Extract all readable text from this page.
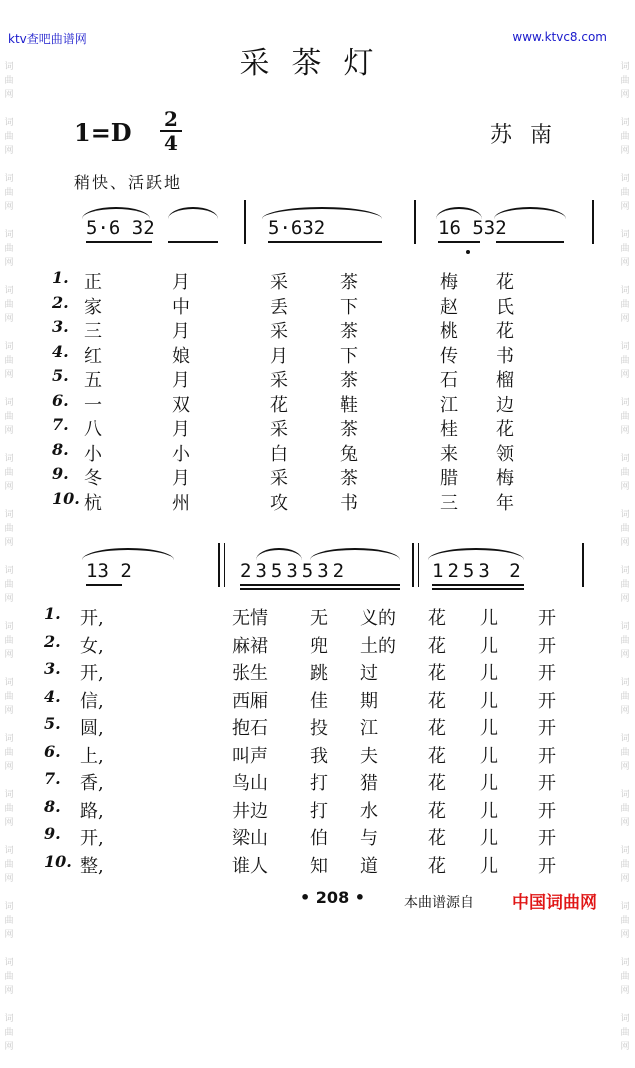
ktv查吧曲谱网	www.ktvc8.com
词
曲
网

词
曲
网

词
曲
网

词
曲
网

词
曲
网

词
曲
网

词
曲
网

词
曲
网

词
曲
网

词
曲
网

词
曲
网

词
曲
网

词
曲
网

词
曲
网

词
曲
网

词
曲
网

词
曲
网

词
曲
网

词
曲
网

词
曲
网

词
曲
网

词
曲
网

词
曲
网

词
曲
网

词
曲
网

词
曲
网

词
曲
网

词
曲
网

词
曲
网

词
曲
网

词
曲
网

词
曲
网

词
曲
网

词
曲
网

词
曲
网

词
曲
网

采茶灯
1=D 2
4	苏南
稍快、活跃地
5·6 32	5·632	16 532
1. 正	月	采	茶	梅 花
2. 家	中	丢	下	赵 氏
3. 三	月	采	茶	桃 花
4. 红	娘	月	下	传 书
5. 五	月	采	茶	石 榴
6. 一	双	花	鞋	江 边
7. 八	月	采	茶	桂 花
8. 小	小	白	兔	来 领
9. 冬	月	采	茶	腊 梅
10. 杭	州	攻	书	三 年
13 2	2353532	1253 2
1. 开,	无情 无 义的 花 儿 开
2. 女,	麻裙 兜 土的 花 儿 开
3. 开,	张生 跳 过	花 儿 开
4. 信,	西厢 佳 期	花 儿 开
5. 圆,	抱石 投 江	花 儿 开
6. 上,	叫声 我 夫	花 儿 开
7. 香,	鸟山 打 猎	花 儿 开
8. 路,	井边 打 水	花 儿 开
9. 开,	梁山 伯 与	花 儿 开
10. 整,	谁人 知 道	花 儿 开
• 208 •	本曲谱源自 中国词曲网
